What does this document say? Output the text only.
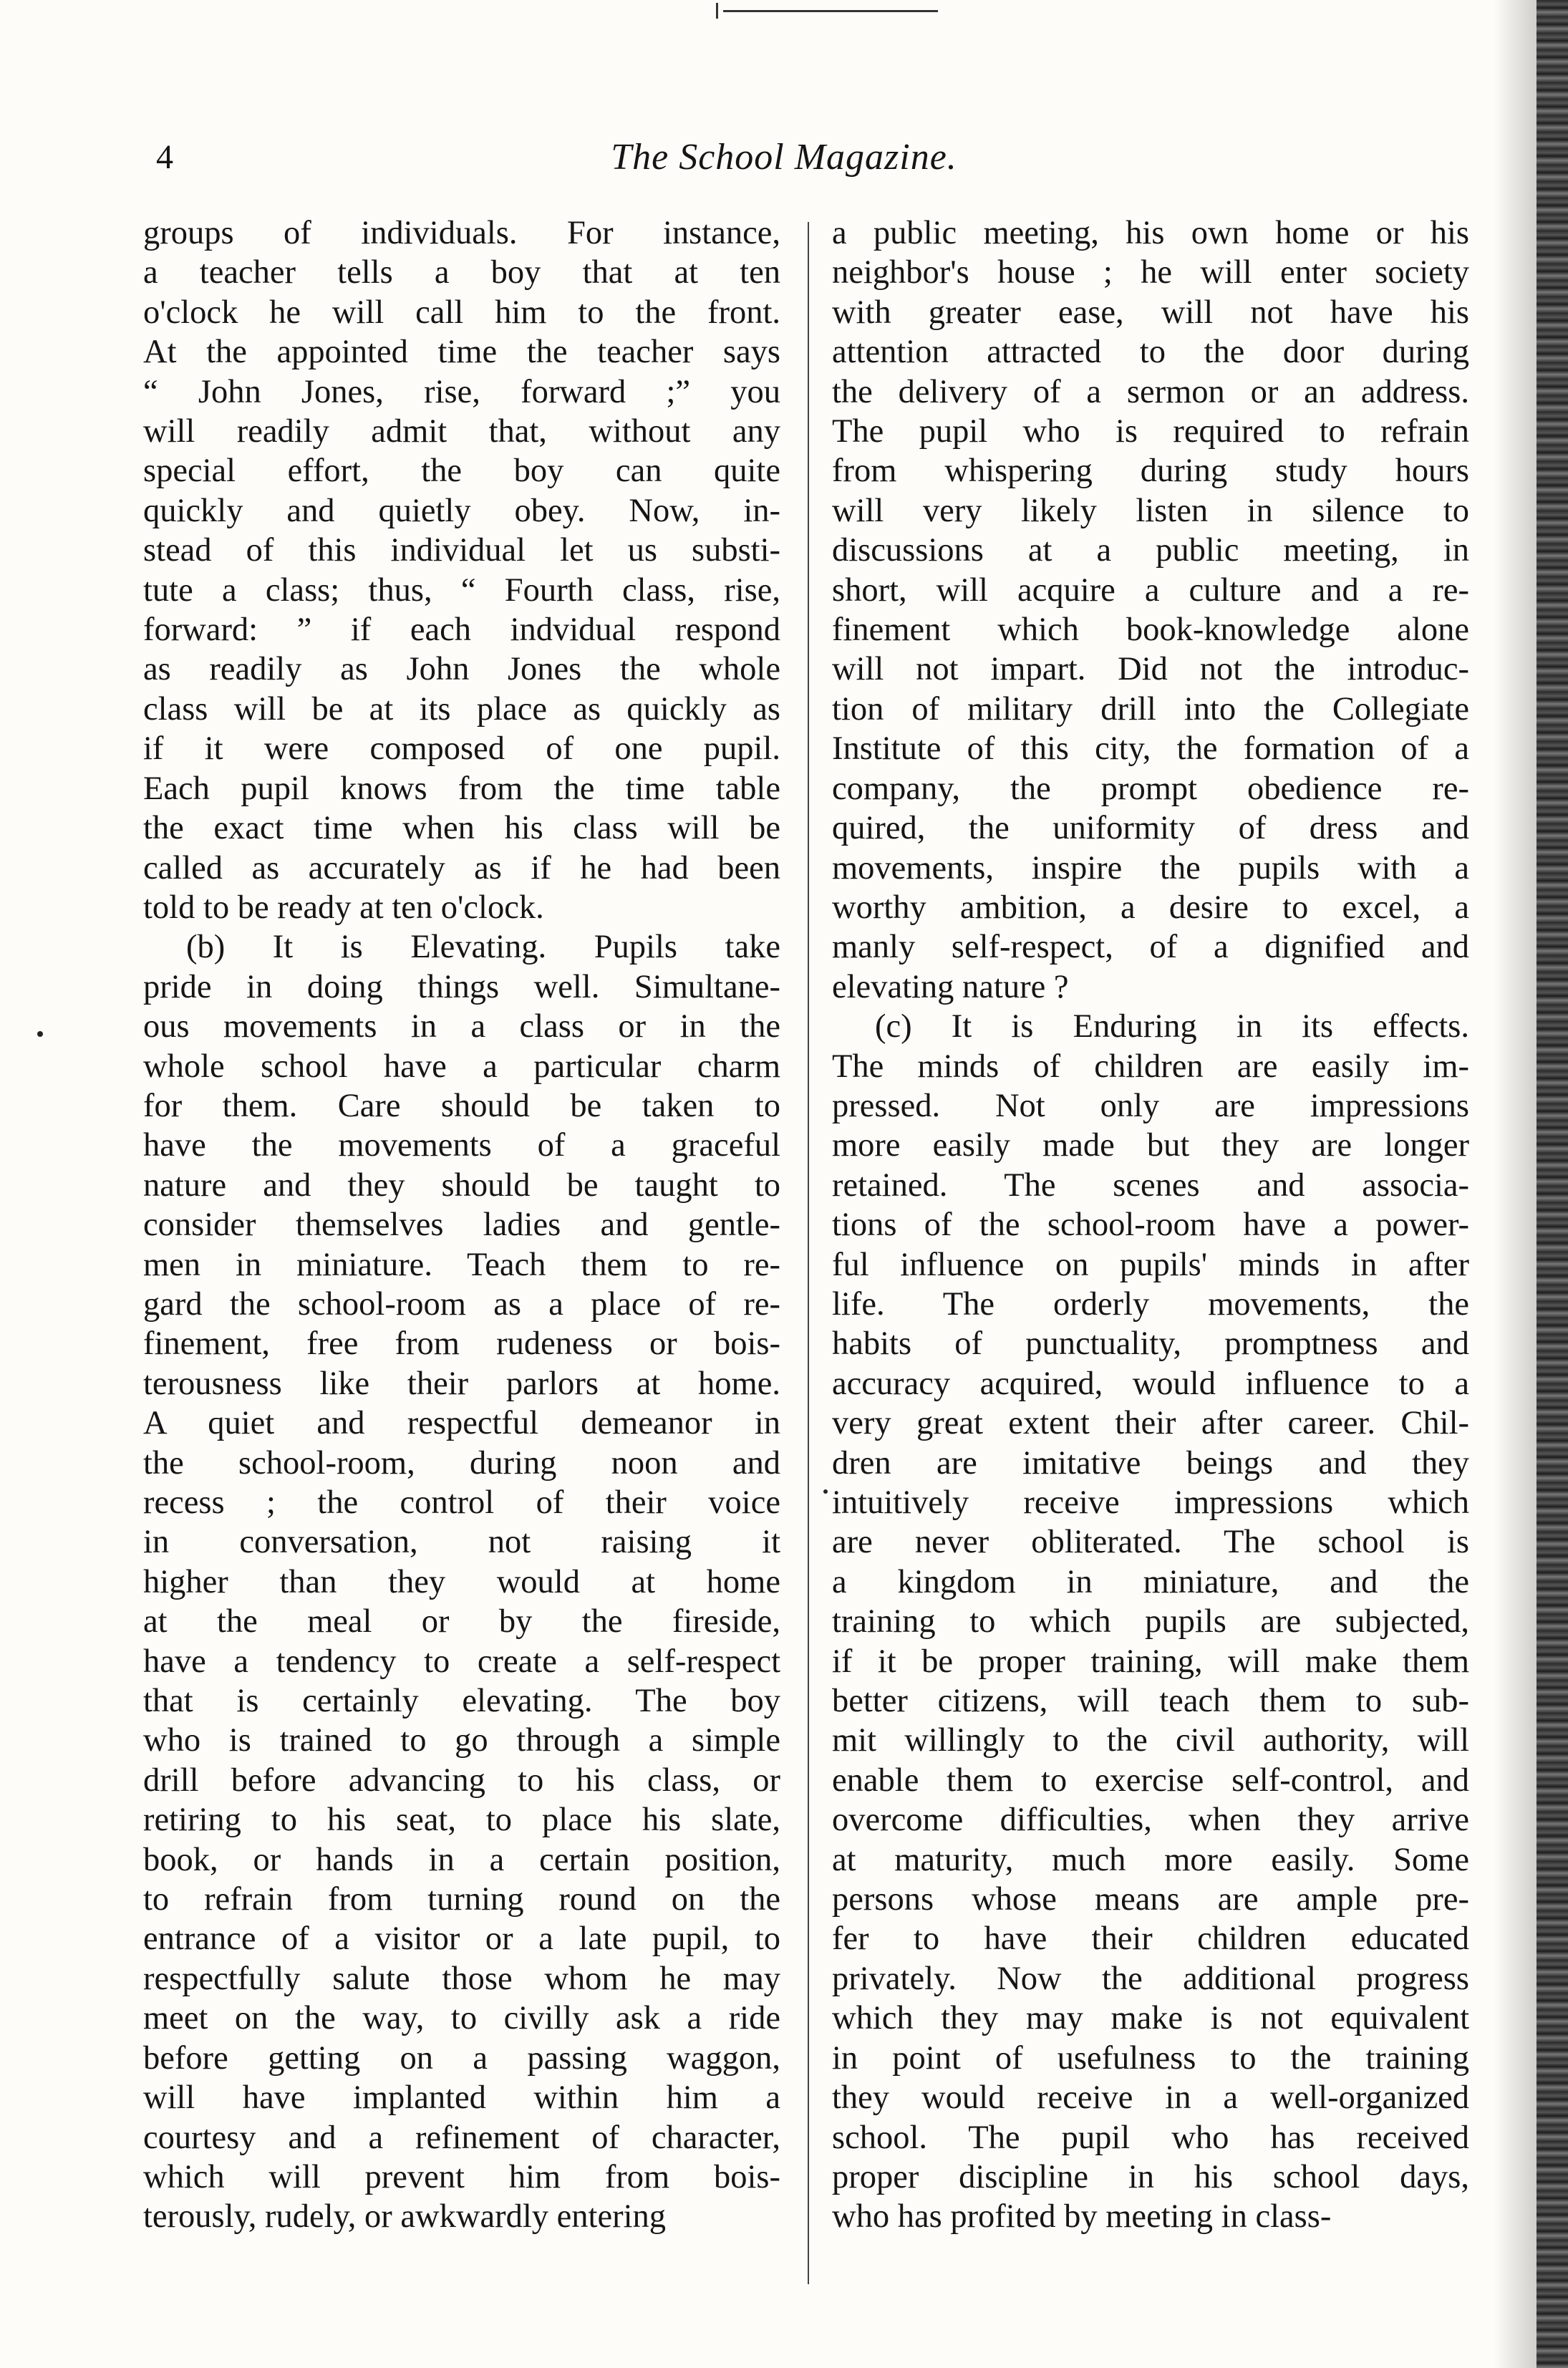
4	The School Magazine.
groups of individuals. For instance,
a teacher tells a boy that at ten
o'clock he will call him to the front.
At the appointed time the teacher says
“ John Jones, rise, forward ;” you
will readily admit that, without any
special effort, the boy can quite
quickly and quietly obey. Now, in-
stead of this individual let us substi-
tute a class; thus, “ Fourth class, rise,
forward: ” if each indvidual respond
as readily as John Jones the whole
class will be at its place as quickly as
if it were composed of one pupil.
Each pupil knows from the time table
the exact time when his class will be
called as accurately as if he had been
told to be ready at ten o'clock.
(b) It is Elevating. Pupils take
pride in doing things well. Simultane-
ous movements in a class or in the
whole school have a particular charm
for them. Care should be taken to
have the movements of a graceful
nature and they should be taught to
consider themselves ladies and gentle-
men in miniature. Teach them to re-
gard the school-room as a place of re-
finement, free from rudeness or bois-
terousness like their parlors at home.
A quiet and respectful demeanor in
the school-room, during noon and
recess ; the control of their voice
in conversation, not raising it
higher than they would at home
at the meal or by the fireside,
have a tendency to create a self-respect
that is certainly elevating. The boy
who is trained to go through a simple
drill before advancing to his class, or
retiring to his seat, to place his slate,
book, or hands in a certain position,
to refrain from turning round on the
entrance of a visitor or a late pupil, to
respectfully salute those whom he may
meet on the way, to civilly ask a ride
before getting on a passing waggon,
will have implanted within him a
courtesy and a refinement of character,
which will prevent him from bois-
terously, rudely, or awkwardly entering
a public meeting, his own home or his
neighbor's house ; he will enter society
with greater ease, will not have his
attention attracted to the door during
the delivery of a sermon or an address.
The pupil who is required to refrain
from whispering during study hours
will very likely listen in silence to
discussions at a public meeting, in
short, will acquire a culture and a re-
finement which book-knowledge alone
will not impart. Did not the introduc-
tion of military drill into the Collegiate
Institute of this city, the formation of a
company, the prompt obedience re-
quired, the uniformity of dress and
movements, inspire the pupils with a
worthy ambition, a desire to excel, a
manly self-respect, of a dignified and
elevating nature ?
(c) It is Enduring in its effects.
The minds of children are easily im-
pressed. Not only are impressions
more easily made but they are longer
retained. The scenes and associa-
tions of the school-room have a power-
ful influence on pupils' minds in after
life. The orderly movements, the
habits of punctuality, promptness and
accuracy acquired, would influence to a
very great extent their after career. Chil-
dren are imitative beings and they
intuitively receive impressions which
are never obliterated. The school is
a kingdom in miniature, and the
training to which pupils are subjected,
if it be proper training, will make them
better citizens, will teach them to sub-
mit willingly to the civil authority, will
enable them to exercise self-control, and
overcome difficulties, when they arrive
at maturity, much more easily. Some
persons whose means are ample pre-
fer to have their children educated
privately. Now the additional progress
which they may make is not equivalent
in point of usefulness to the training
they would receive in a well-organized
school. The pupil who has received
proper discipline in his school days,
who has profited by meeting in class-
